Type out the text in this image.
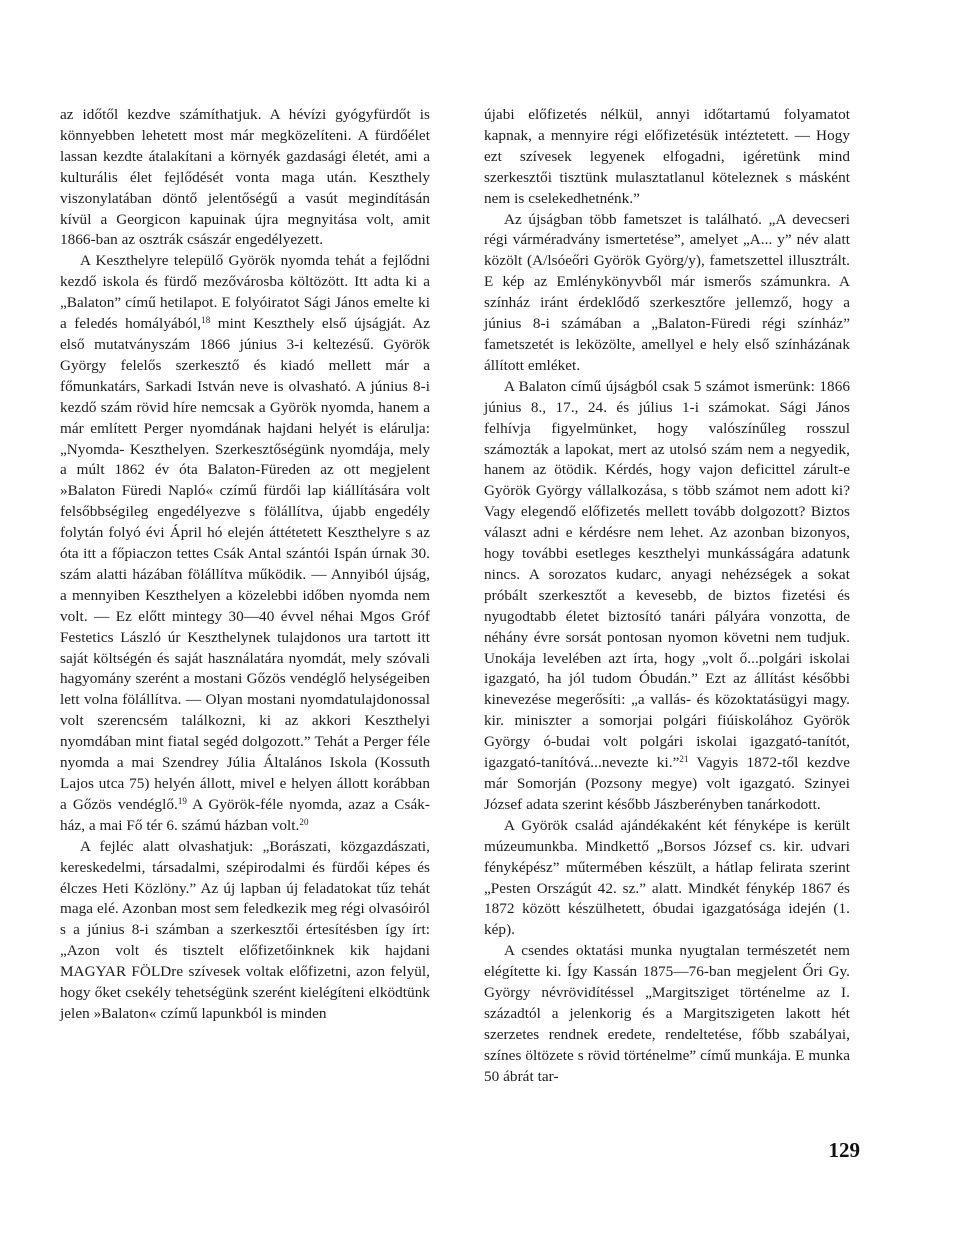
az időtől kezdve számíthatjuk. A hévízi gyógyfürdőt is könnyebben lehetett most már megközelíteni. A fürdőélet lassan kezdte átalakítani a környék gazdasági életét, ami a kulturális élet fejlődését vonta maga után. Keszthely viszonylatában döntő jelentőségű a vasút megindításán kívül a Georgicon kapuinak újra megnyitása volt, amit 1866-ban az osztrák császár engedélyezett.

A Keszthelyre települő Györök nyomda tehát a fejlődni kezdő iskola és fürdő mezővárosba költözött. Itt adta ki a „Balaton” című hetilapot. E folyóiratot Sági János emelte ki a feledés homályából,$^{18}$ mint Keszthely első újságját. Az első mutatványszám 1866 június 3-i keltezésű. Györök György felelős szerkesztő és kiadó mellett már a főmunkatárs, Sarkadi István neve is olvasható. A június 8-i kezdő szám rövid híre nemcsak a Györök nyomda, hanem a már említett Perger nyomdának hajdani helyét is elárulja: „Nyomda- Keszthelyen. Szerkesztőségünk nyomdája, mely a múlt 1862 év óta Balaton-Füreden az ott megjelent »Balaton Füredi Napló« czímű fürdői lap kiállítására volt felsőbbségileg engedélyezve s fölállítva, újabb engedély folytán folyó évi Ápril hó elején áttétetett Keszthelyre s az óta itt a főpiaczon tettes Csák Antal szántói Ispán úrnak 30. szám alatti házában fölállítva működik. — Annyiból újság, a mennyiben Keszthelyen a közelebbi időben nyomda nem volt. — Ez előtt mintegy 30—40 évvel néhai Mgos Gróf Festetics László úr Keszthelynek tulajdonos ura tartott itt saját költségén és saját használatára nyomdát, mely szóvali hagyomány szerént a mostani Gőzös vendéglő helységeiben lett volna fölállítva. — Olyan mostani nyomdatulajdonossal volt szerencsém találkozni, ki az akkori Keszthelyi nyomdában mint fiatal segéd dolgozott.” Tehát a Perger féle nyomda a mai Szendrey Júlia Általános Iskola (Kossuth Lajos utca 75) helyén állott, mivel e helyen állott korábban a Gőzös vendéglő.$^{19}$ A Györök-féle nyomda, azaz a Csák-ház, a mai Fő tér 6. számú házban volt.$^{20}$

A fejléc alatt olvashatjuk: „Borászati, közgazdászati, kereskedelmi, társadalmi, szépirodalmi és fürdői képes és élczes Heti Közlöny.” Az új lapban új feladatokat tűz tehát maga elé. Azonban most sem feledkezik meg régi olvasóiról s a június 8-i számban a szerkesztői értesítésben így írt: „Azon volt és tisztelt előfizetőinknek kik hajdani MAGYAR FÖLDre szívesek voltak előfizetni, azon felyül, hogy őket csekély tehetségünk szerént kielégíteni elködtünk jelen »Balaton« czímű lapunkból is minden

újabi előfizetés nélkül, annyi időtartamú folyamatot kapnak, a mennyire régi előfizetésük intéztetett. — Hogy ezt szívesek legyenek elfogadni, igéretünk mind szerkesztői tisztünk mulasztatlanul köteleznek s másként nem is cselekedhetnénk.”

Az újságban több fametszet is található. „A devecseri régi várméradvány ismertetése”, amelyet „A... y” név alatt közölt (A/lsóeőri Györök Györg/y), fametszettel illusztrált. E kép az Emlénykönyvből már ismerős számunkra. A színház iránt érdeklődő szerkesztőre jellemző, hogy a június 8-i számában a „Balaton-Füredi régi színház” fametszetét is leközölte, amellyel e hely első színházának állított emléket.

A Balaton című újságból csak 5 számot ismerünk: 1866 június 8., 17., 24. és július 1-i számokat. Sági János felhívja figyelmünket, hogy valószínűleg rosszul számozták a lapokat, mert az utolsó szám nem a negyedik, hanem az ötödik. Kérdés, hogy vajon deficittel zárult-e Györök György vállalkozása, s több számot nem adott ki? Vagy elegendő előfizetés mellett tovább dolgozott? Biztos választ adni e kérdésre nem lehet. Az azonban bizonyos, hogy további esetleges keszthelyi munkásságára adatunk nincs. A sorozatos kudarc, anyagi nehézségek a sokat próbált szerkesztőt a kevesebb, de biztos fizetési és nyugodtabb életet biztosító tanári pályára vonzotta, de néhány évre sorsát pontosan nyomon követni nem tudjuk. Unokája levelében azt írta, hogy „volt ő...polgári iskolai igazgató, ha jól tudom Óbudán.” Ezt az állítást későbbi kinevezése megerősíti: „a vallás- és közoktatásügyi magy. kir. miniszter a somorjai polgári fiúiskolához Györök György ó-budai volt polgári iskolai igazgató-tanítót, igazgató-tanítóvá...nevezte ki.”$^{21}$ Vagyis 1872-től kezdve már Somorján (Pozsony megye) volt igazgató. Szinyei József adata szerint később Jászberényben tanárkodott.

A Györök család ajándékaként két fényképe is került múzeumunkba. Mindkettő „Borsos József cs. kir. udvari fényképész” műtermében készült, a hátlap felirata szerint „Pesten Országút 42. sz.” alatt. Mindkét fénykép 1867 és 1872 között készülhetett, óbudai igazgatósága idején (1. kép).

A csendes oktatási munka nyugtalan természetét nem elégítette ki. Így Kassán 1875—76-ban megjelent Őri Gy. György névrövidítéssel „Margitsziget történelme az I. századtól a jelenkorig és a Margitszigeten lakott hét szerzetes rendnek eredete, rendeltetése, főbb szabályai, színes öltözete s rövid történelme” című munkája. E munka 50 ábrát tar-

129
